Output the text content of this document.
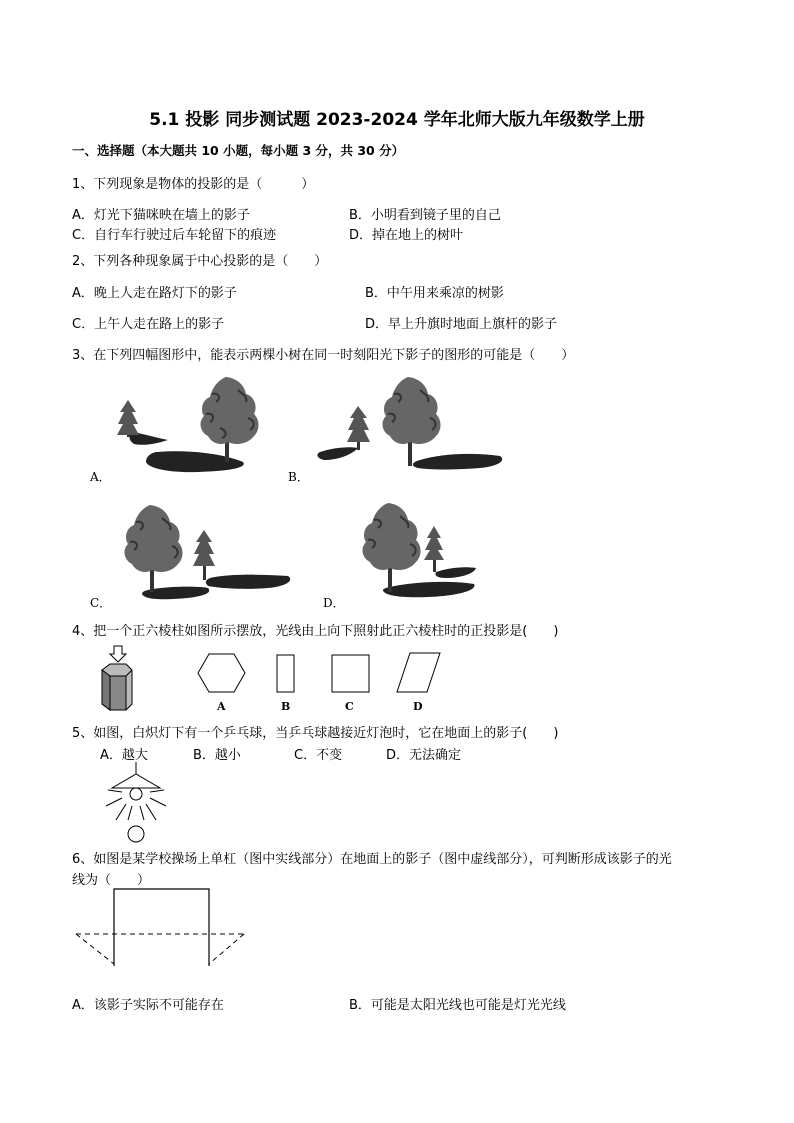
5.1 投影 同步测试题 2023-2024 学年北师大版九年级数学上册
一、选择题（本大题共 10 小题，每小题 3 分，共 30 分）
1、下列现象是物体的投影的是（　　　）
A．灯光下猫咪映在墙上的影子	B．小明看到镜子里的自己
C．自行车行驶过后车轮留下的痕迹	D．掉在地上的树叶
2、下列各种现象属于中心投影的是（　　）
A．晚上人走在路灯下的影子	B．中午用来乘凉的树影
C．上午人走在路上的影子	D．早上升旗时地面上旗杆的影子
3、在下列四幅图形中，能表示两棵小树在同一时刻阳光下影子的图形的可能是（　　）
A．	B．
C．	D．
4、把一个正六棱柱如图所示摆放，光线由上向下照射此正六棱柱时的正投影是(　　)
A	B	C	D
5、如图，白炽灯下有一个乒乓球，当乒乓球越接近灯泡时，它在地面上的影子(　　)
A．越大	B．越小	C．不变	D．无法确定
6、如图是某学校操场上单杠（图中实线部分）在地面上的影子（图中虚线部分），可判断形成该影子的光
线为（　　）
A．该影子实际不可能存在	B．可能是太阳光线也可能是灯光光线
